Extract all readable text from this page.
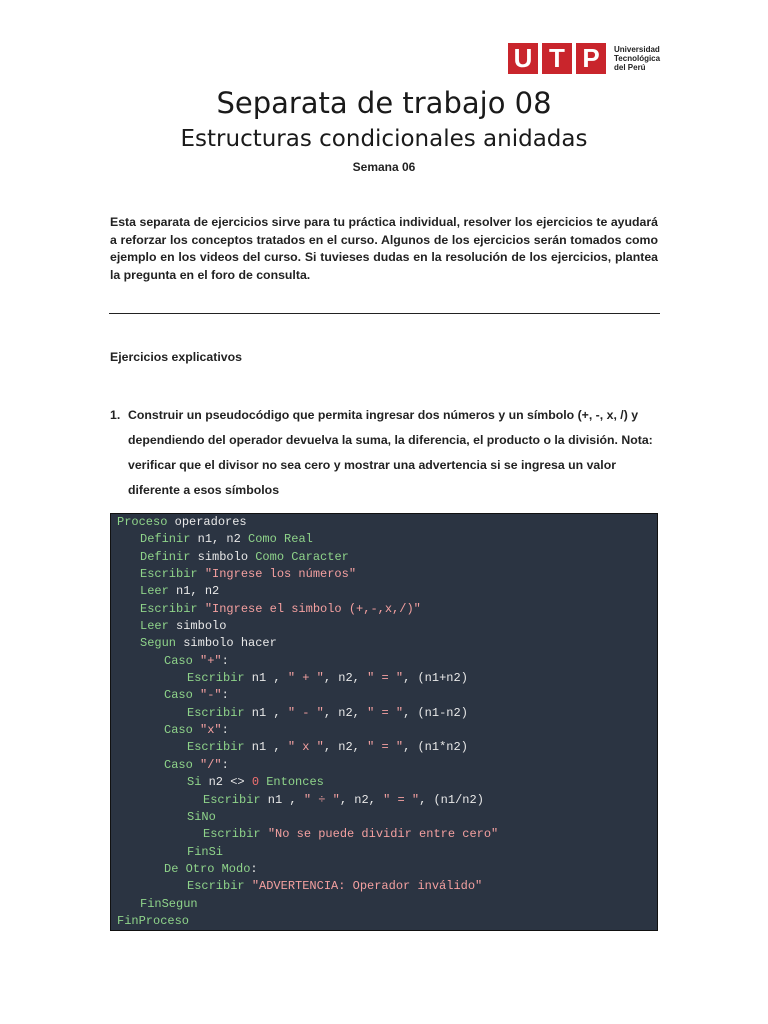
U T P	Universidad
Tecnológica
del Perú
Separata de trabajo 08
Estructuras condicionales anidadas
Semana 06
Esta separata de ejercicios sirve para tu práctica individual, resolver los ejercicios te ayudará a reforzar los conceptos tratados en el curso. Algunos de los ejercicios serán tomados como ejemplo en los videos del curso. Si tuvieses dudas en la resolución de los ejercicios, plantea la pregunta en el foro de consulta.
Ejercicios explicativos
1. Construir un pseudocódigo que permita ingresar dos números y un símbolo (+, -, x, /) y dependiendo del operador devuelva la suma, la diferencia, el producto o la división. Nota: verificar que el divisor no sea cero y mostrar una advertencia si se ingresa un valor diferente a esos símbolos
Proceso operadores
Definir n1, n2 Como Real
Definir simbolo Como Caracter
Escribir "Ingrese los números"
Leer n1, n2
Escribir "Ingrese el simbolo (+,-,x,/)"
Leer simbolo
Segun simbolo hacer
Caso "+":
Escribir n1 , " + ", n2, " = ", (n1+n2)
Caso "-":
Escribir n1 , " - ", n2, " = ", (n1-n2)
Caso "x":
Escribir n1 , " x ", n2, " = ", (n1*n2)
Caso "/":
Si n2 <> 0 Entonces
Escribir n1 , " ÷ ", n2, " = ", (n1/n2)
SiNo
Escribir "No se puede dividir entre cero"
FinSi
De Otro Modo:
Escribir "ADVERTENCIA: Operador inválido"
FinSegun
FinProceso
